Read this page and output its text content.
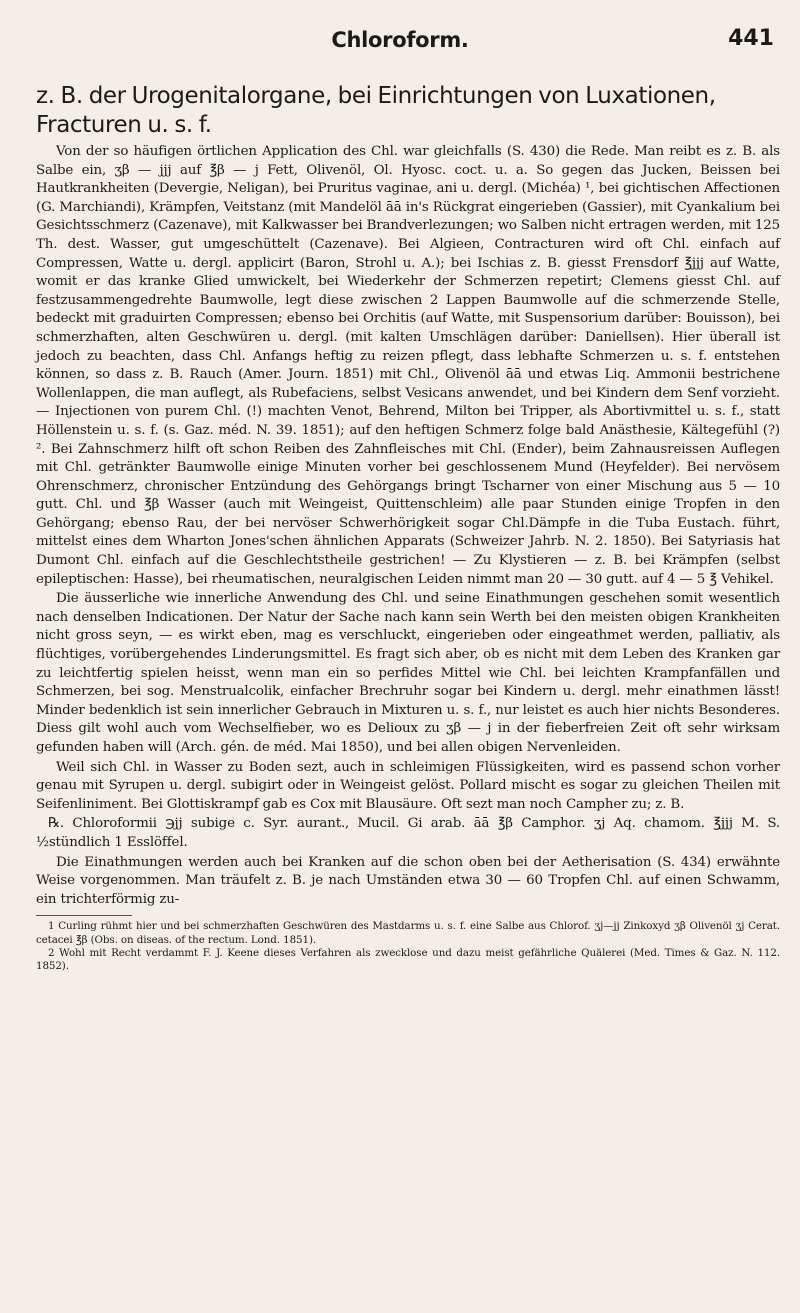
Chloroform.	441

z. B. der Urogenitalorgane, bei Einrichtungen von Luxationen, Fracturen u. s. f.

Von der so häufigen örtlichen Application des Chl. war gleichfalls (S. 430) die Rede. Man reibt es z. B. als Salbe ein, ʒβ — jjj auf ℥β — j Fett, Olivenöl, Ol. Hyosc. coct. u. a. So gegen das Jucken, Beissen bei Hautkrankheiten (Devergie, Neligan), bei Pruritus vaginae, ani u. dergl. (Michéa) ¹, bei gichtischen Affectionen (G. Marchiandi), Krämpfen, Veitstanz (mit Mandelöl āā in's Rückgrat eingerieben (Gassier), mit Cyankalium bei Gesichtsschmerz (Cazenave), mit Kalkwasser bei Brandverlezungen; wo Salben nicht ertragen werden, mit 125 Th. dest. Wasser, gut umgeschüttelt (Cazenave). Bei Algieen, Contracturen wird oft Chl. einfach auf Compressen, Watte u. dergl. applicirt (Baron, Strohl u. A.); bei Ischias z. B. giesst Frensdorf ℥jjj auf Watte, womit er das kranke Glied umwickelt, bei Wiederkehr der Schmerzen repetirt; Clemens giesst Chl. auf festzusammengedrehte Baumwolle, legt diese zwischen 2 Lappen Baumwolle auf die schmerzende Stelle, bedeckt mit graduirten Compressen; ebenso bei Orchitis (auf Watte, mit Suspensorium darüber: Bouisson), bei schmerzhaften, alten Geschwüren u. dergl. (mit kalten Umschlägen darüber: Daniellsen). Hier überall ist jedoch zu beachten, dass Chl. Anfangs heftig zu reizen pflegt, dass lebhafte Schmerzen u. s. f. entstehen können, so dass z. B. Rauch (Amer. Journ. 1851) mit Chl., Olivenöl āā und etwas Liq. Ammonii bestrichene Wollenlappen, die man auflegt, als Rubefaciens, selbst Vesicans anwendet, und bei Kindern dem Senf vorzieht. — Injectionen von purem Chl. (!) machten Venot, Behrend, Milton bei Tripper, als Abortivmittel u. s. f., statt Höllenstein u. s. f. (s. Gaz. méd. N. 39. 1851); auf den heftigen Schmerz folge bald Anästhesie, Kältegefühl (?) ². Bei Zahnschmerz hilft oft schon Reiben des Zahnfleisches mit Chl. (Ender), beim Zahnausreissen Auflegen mit Chl. getränkter Baumwolle einige Minuten vorher bei geschlossenem Mund (Heyfelder). Bei nervösem Ohrenschmerz, chronischer Entzündung des Gehörgangs bringt Tscharner von einer Mischung aus 5 — 10 gutt. Chl. und ℥β Wasser (auch mit Weingeist, Quittenschleim) alle paar Stunden einige Tropfen in den Gehörgang; ebenso Rau, der bei nervöser Schwerhörigkeit sogar Chl.Dämpfe in die Tuba Eustach. führt, mittelst eines dem Wharton Jones'schen ähnlichen Apparats (Schweizer Jahrb. N. 2. 1850). Bei Satyriasis hat Dumont Chl. einfach auf die Geschlechtstheile gestrichen! — Zu Klystieren — z. B. bei Krämpfen (selbst epileptischen: Hasse), bei rheumatischen, neuralgischen Leiden nimmt man 20 — 30 gutt. auf 4 — 5 ℥ Vehikel.

Die äusserliche wie innerliche Anwendung des Chl. und seine Einathmungen geschehen somit wesentlich nach denselben Indicationen. Der Natur der Sache nach kann sein Werth bei den meisten obigen Krankheiten nicht gross seyn, — es wirkt eben, mag es verschluckt, eingerieben oder eingeathmet werden, palliativ, als flüchtiges, vorübergehendes Linderungsmittel. Es fragt sich aber, ob es nicht mit dem Leben des Kranken gar zu leichtfertig spielen heisst, wenn man ein so perfides Mittel wie Chl. bei leichten Krampfanfällen und Schmerzen, bei sog. Menstrualcolik, einfacher Brechruhr sogar bei Kindern u. dergl. mehr einathmen lässt! Minder bedenklich ist sein innerlicher Gebrauch in Mixturen u. s. f., nur leistet es auch hier nichts Besonderes. Diess gilt wohl auch vom Wechselfieber, wo es Delioux zu ʒβ — j in der fieberfreien Zeit oft sehr wirksam gefunden haben will (Arch. gén. de méd. Mai 1850), und bei allen obigen Nervenleiden.

Weil sich Chl. in Wasser zu Boden sezt, auch in schleimigen Flüssigkeiten, wird es passend schon vorher genau mit Syrupen u. dergl. subigirt oder in Weingeist gelöst. Pollard mischt es sogar zu gleichen Theilen mit Seifenliniment. Bei Glottiskrampf gab es Cox mit Blausäure. Oft sezt man noch Campher zu; z. B.

℞. Chloroformii ℈jj subige c. Syr. aurant., Mucil. Gi arab. āā ℥β Camphor. ʒj Aq. chamom. ℥jjj M. S. ½stündlich 1 Esslöffel.

Die Einathmungen werden auch bei Kranken auf die schon oben bei der Aetherisation (S. 434) erwähnte Weise vorgenommen. Man träufelt z. B. je nach Umständen etwa 30 — 60 Tropfen Chl. auf einen Schwamm, ein trichterförmig zu-

1 Curling rühmt hier und bei schmerzhaften Geschwüren des Mastdarms u. s. f. eine Salbe aus Chlorof. ʒj—jj Zinkoxyd ʒβ Olivenöl ʒj Cerat. cetacei ℥β (Obs. on diseas. of the rectum. Lond. 1851).

2 Wohl mit Recht verdammt F. J. Keene dieses Verfahren als zwecklose und dazu meist gefährliche Quälerei (Med. Times & Gaz. N. 112. 1852).
